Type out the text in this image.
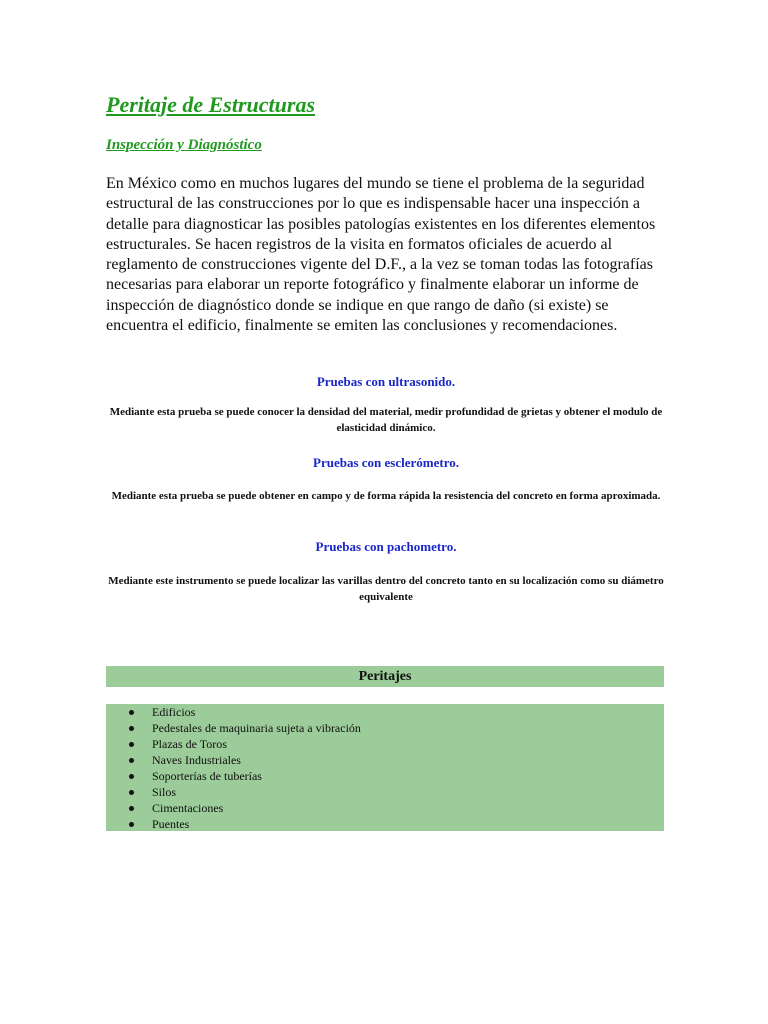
Peritaje de Estructuras
Inspección y Diagnóstico

En México como en muchos lugares del mundo se tiene el problema de la seguridad estructural de las construcciones por lo que es indispensable hacer una inspección a detalle para diagnosticar las posibles patologías existentes en los diferentes elementos estructurales. Se hacen registros de la visita en formatos oficiales de acuerdo al reglamento de construcciones vigente del D.F., a la vez se toman todas las fotografías necesarias para elaborar un reporte fotográfico y finalmente elaborar un informe de inspección de diagnóstico donde se indique en que rango de daño (si existe) se encuentra el edificio, finalmente se emiten las conclusiones y recomendaciones.

Pruebas con ultrasonido.
Mediante esta prueba se puede conocer la densidad del material, medir profundidad de grietas y obtener el modulo de elasticidad dinámico.
Pruebas con esclerómetro.
Mediante esta prueba se puede obtener en campo y de forma rápida la resistencia del concreto en forma aproximada.
Pruebas con pachometro.
Mediante este instrumento se puede localizar las varillas dentro del concreto tanto en su localización como su diámetro equivalente
Peritajes
Edificios
Pedestales de maquinaria sujeta a vibración
Plazas de Toros
Naves Industriales
Soporterías de tuberías
Silos
Cimentaciones
Puentes
